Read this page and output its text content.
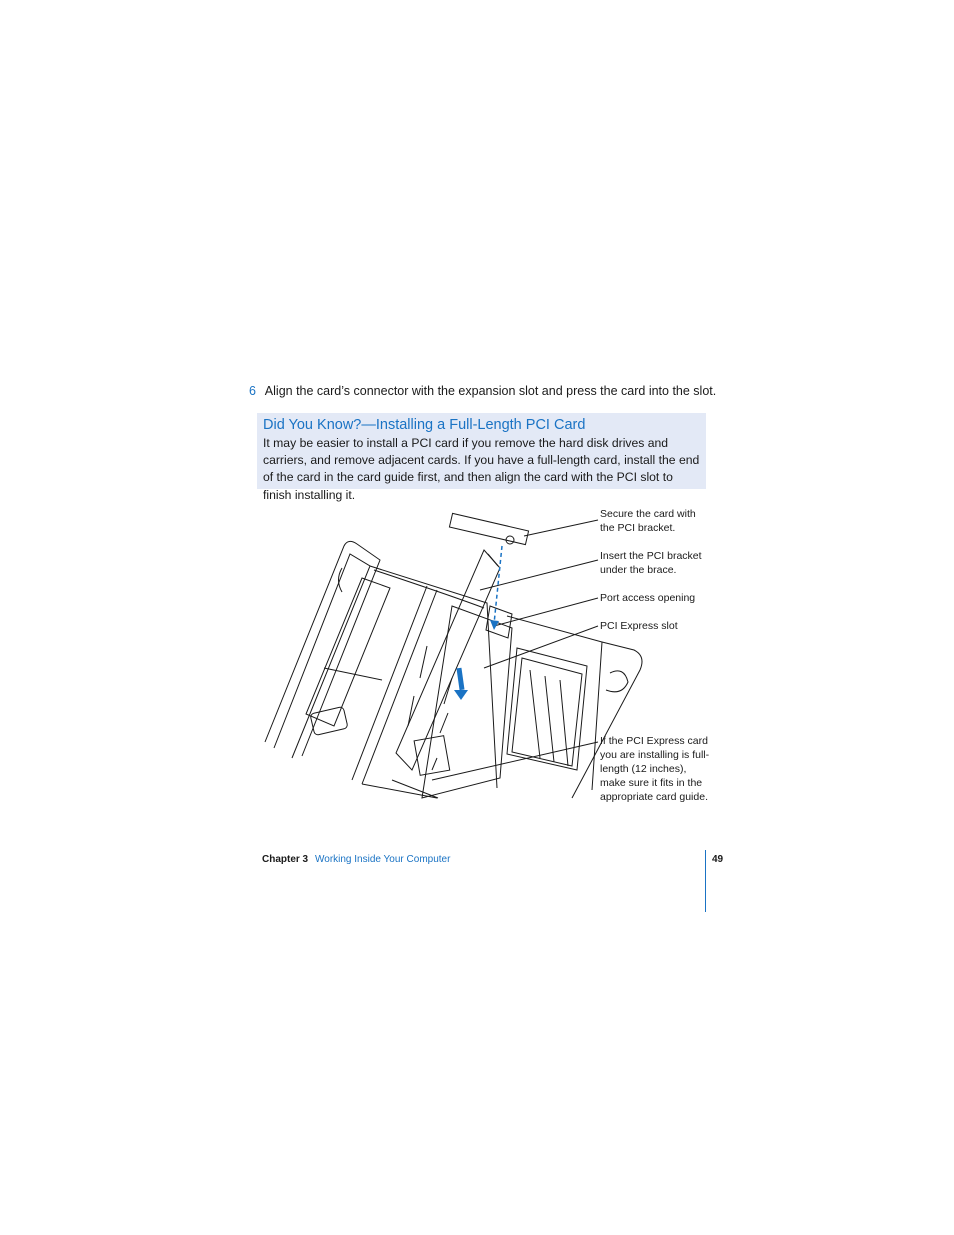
6 Align the card’s connector with the expansion slot and press the card into the slot.

Did You Know?—Installing a Full-Length PCI Card

It may be easier to install a PCI card if you remove the hard disk drives and carriers, and remove adjacent cards. If you have a full-length card, install the end of the card in the card guide first, and then align the card with the PCI slot to finish installing it.

Secure the card with the PCI bracket.
Insert the PCI bracket under the brace.
Port access opening
PCI Express slot
If the PCI Express card you are installing is full-length (12 inches), make sure it fits in the appropriate card guide.
Chapter 3 Working Inside Your Computer	49
